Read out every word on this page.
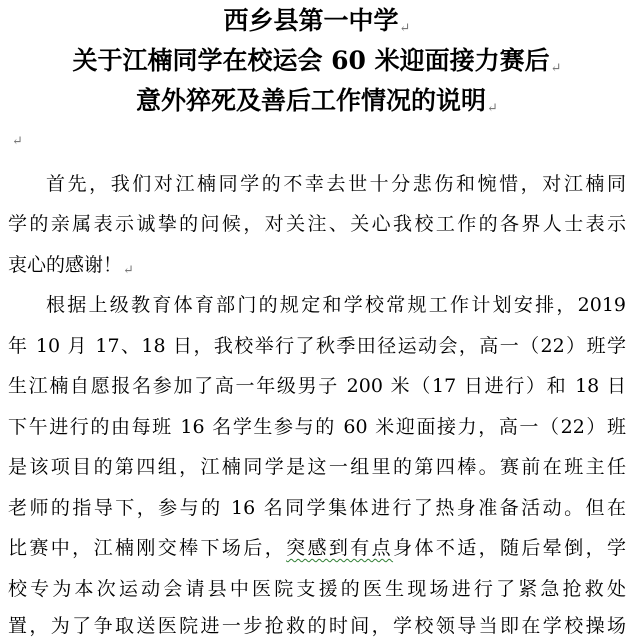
西乡县第一中学↵
关于江楠同学在校运会 60 米迎面接力赛后↵
意外猝死及善后工作情况的说明↵
↵
首先，我们对江楠同学的不幸去世十分悲伤和惋惜，对江楠同
学的亲属表示诚挚的问候，对关注、关心我校工作的各界人士表示
衷心的感谢！↵
根据上级教育体育部门的规定和学校常规工作计划安排，2019
年 10 月 17、18 日，我校举行了秋季田径运动会，高一（22）班学
生江楠自愿报名参加了高一年级男子 200 米（17 日进行）和 18 日
下午进行的由每班 16 名学生参与的 60 米迎面接力，高一（22）班
是该项目的第四组，江楠同学是这一组里的第四棒。赛前在班主任
老师的指导下，参与的 16 名同学集体进行了热身准备活动。但在
比赛中，江楠刚交棒下场后，突感到有点身体不适，随后晕倒，学
校专为本次运动会请县中医院支援的医生现场进行了紧急抢救处
置，为了争取送医院进一步抢救的时间，学校领导当即在学校操场
